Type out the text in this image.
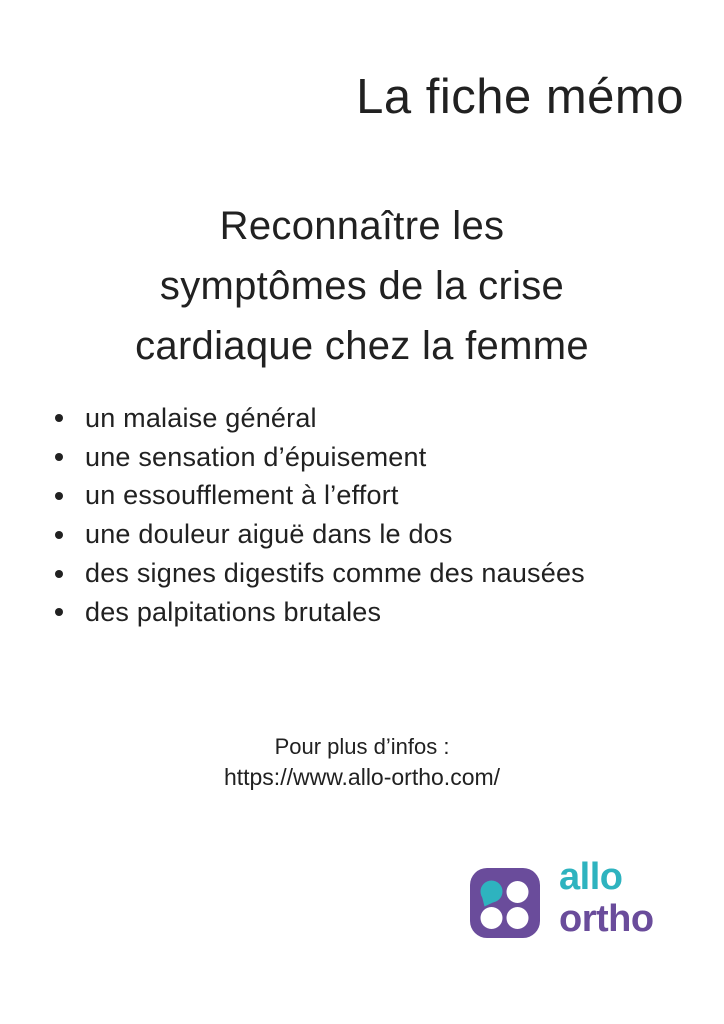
La fiche mémo
Reconnaître les
symptômes de la crise
cardiaque chez la femme
un malaise général
une sensation d’épuisement
un essoufflement à l’effort
une douleur aiguë dans le dos
des signes digestifs comme des nausées
des palpitations brutales
Pour plus d’infos :
https://www.allo-ortho.com/
allo
ortho
